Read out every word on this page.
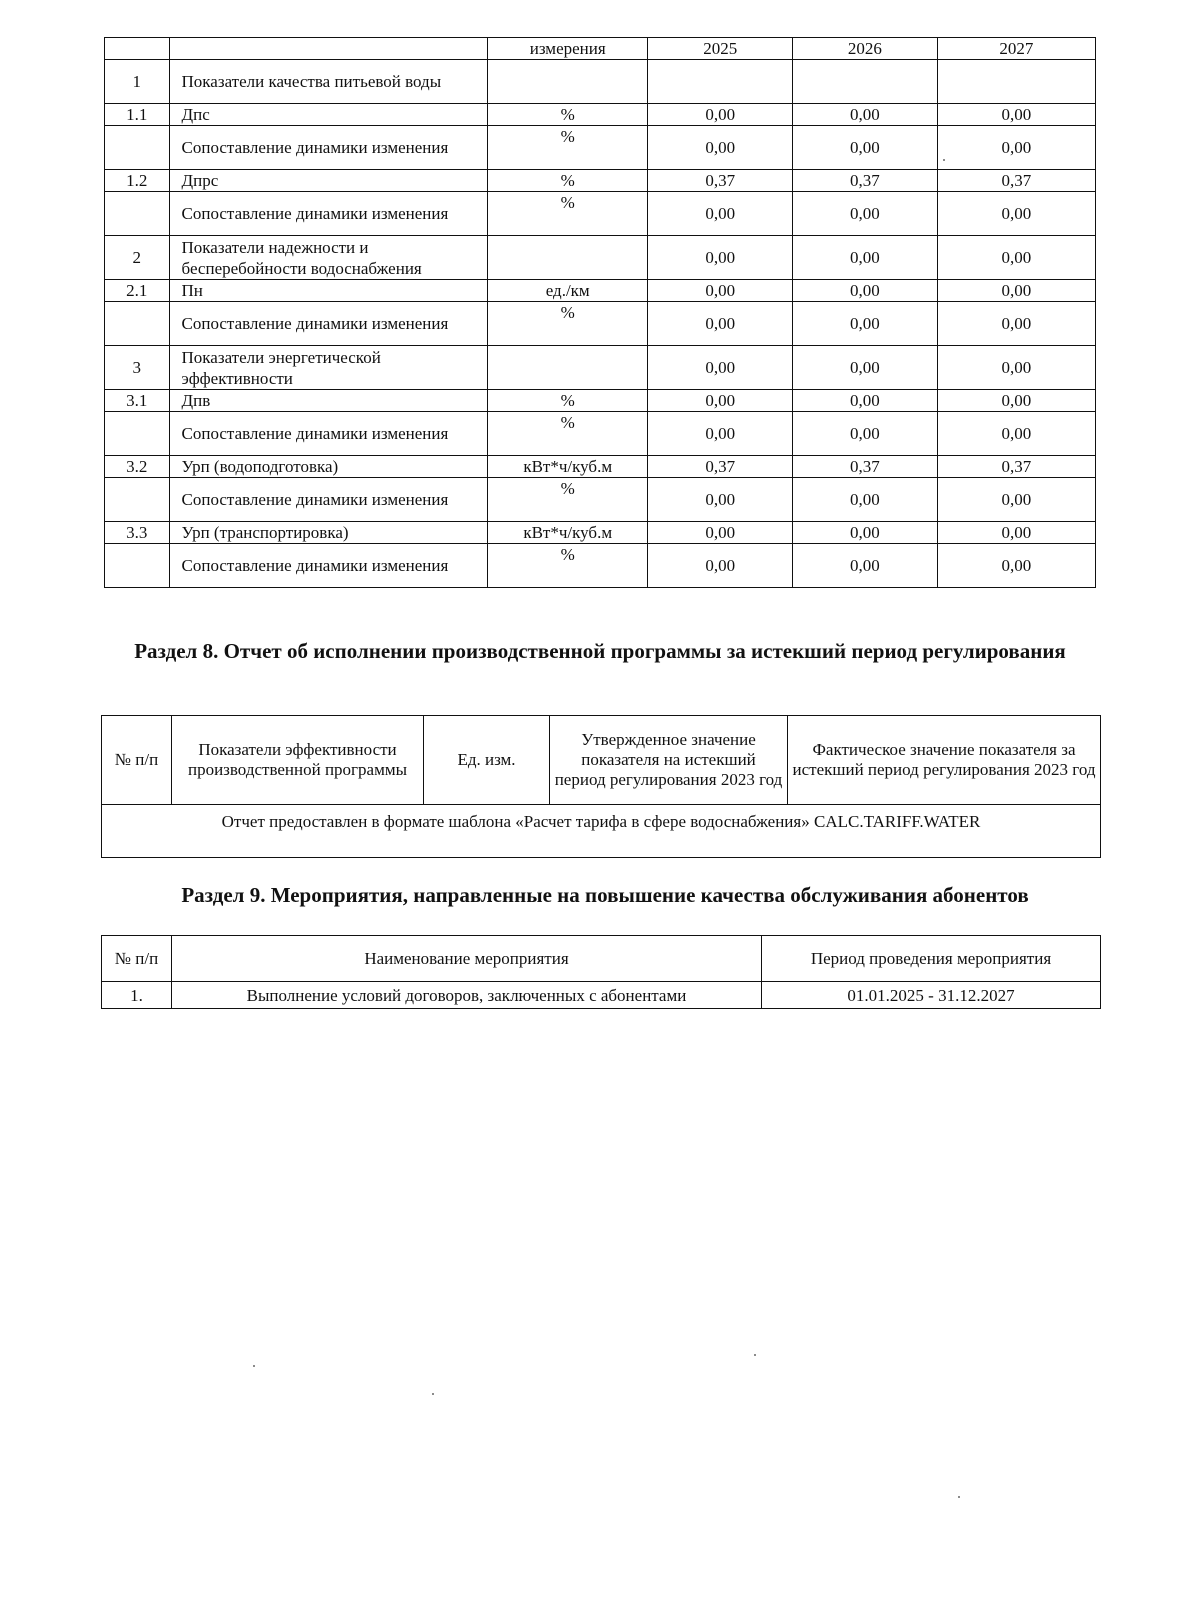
		измерения	2025	2026	2027
1	Показатели качества питьевой воды				
1.1	Дпс	%	0,00	0,00	0,00
	Сопоставление динамики изменения	%	0,00	0,00	0,00
1.2	Дпрс	%	0,37	0,37	0,37
	Сопоставление динамики изменения	%	0,00	0,00	0,00
2	Показатели надежности и бесперебойности водоснабжения		0,00	0,00	0,00
2.1	Пн	ед./км	0,00	0,00	0,00
	Сопоставление динамики изменения	%	0,00	0,00	0,00
3	Показатели энергетической эффективности		0,00	0,00	0,00
3.1	Дпв	%	0,00	0,00	0,00
	Сопоставление динамики изменения	%	0,00	0,00	0,00
3.2	Урп (водоподготовка)	кВт*ч/куб.м	0,37	0,37	0,37
	Сопоставление динамики изменения	%	0,00	0,00	0,00
3.3	Урп (транспортировка)	кВт*ч/куб.м	0,00	0,00	0,00
	Сопоставление динамики изменения	%	0,00	0,00	0,00
Раздел 8. Отчет об исполнении производственной программы за истекший период регулирования
№ п/п	Показатели эффективности производственной программы	Ед. изм.	Утвержденное значение показателя на истекший период регулирования 2023 год	Фактическое значение показателя за истекший период регулирования 2023 год
Отчет предоставлен в формате шаблона «Расчет тарифа в сфере водоснабжения» CALC.TARIFF.WATER
Раздел 9. Мероприятия, направленные на повышение качества обслуживания абонентов
№ п/п	Наименование мероприятия	Период проведения мероприятия
1.	Выполнение условий договоров, заключенных с абонентами	01.01.2025 - 31.12.2027
